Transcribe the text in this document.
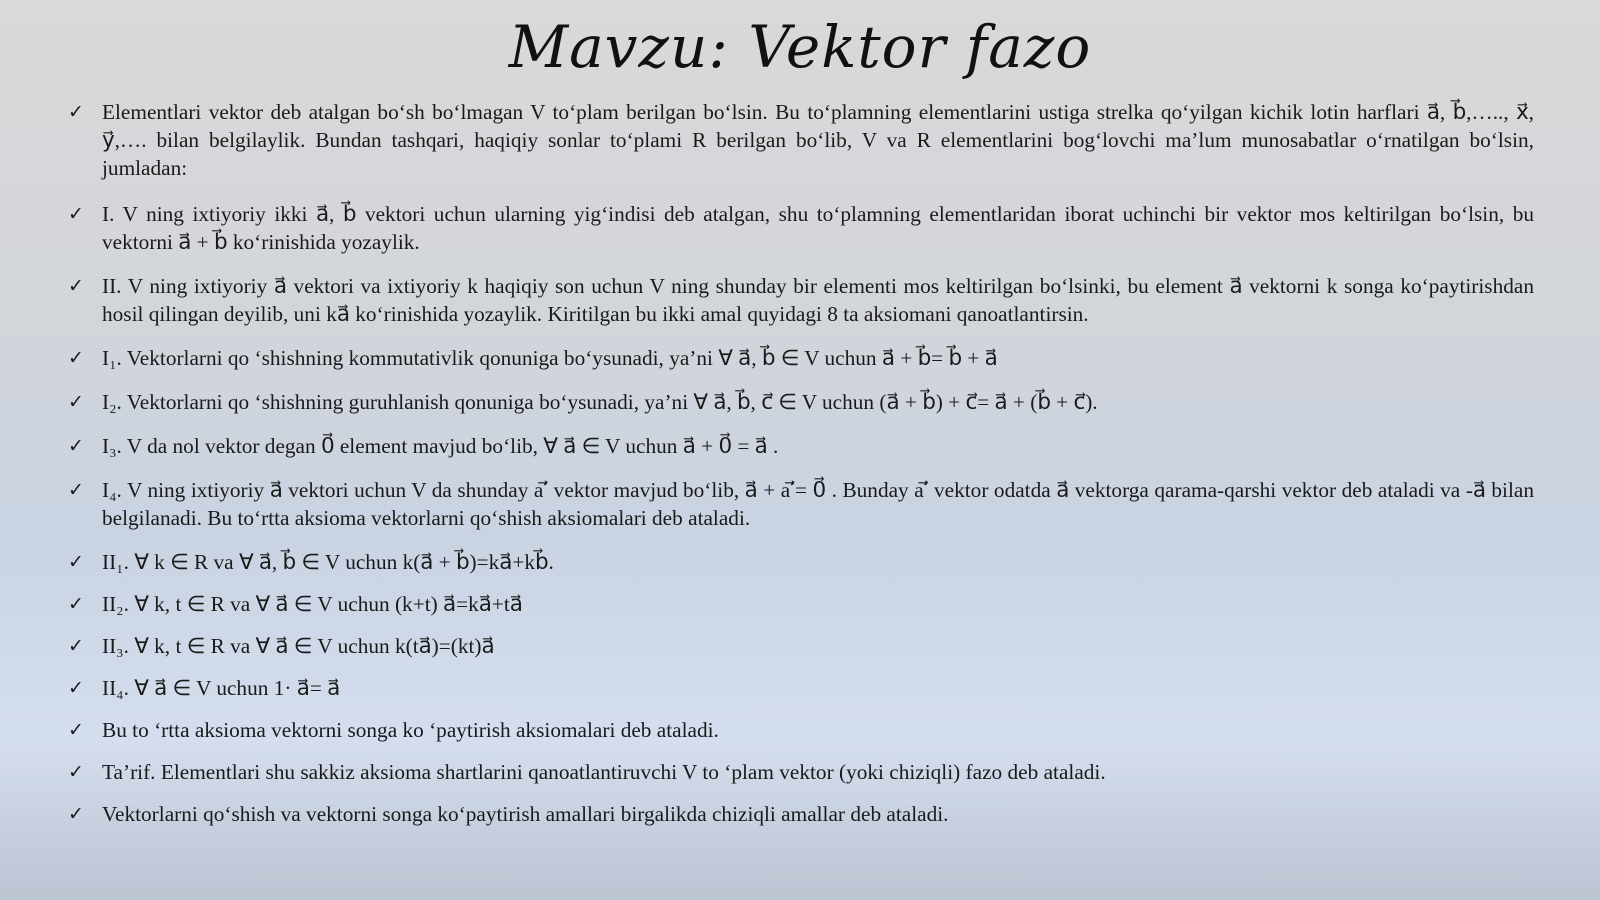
Mavzu: Vektor fazo
✓ Elementlari vektor deb atalgan bo‘sh bo‘lmagan V to‘plam berilgan bo‘lsin. Bu to‘plamning elementlarini ustiga strelka qo‘yilgan kichik lotin harflari a⃗, b⃗,….., x⃗, y⃗,…. bilan belgilaylik. Bundan tashqari, haqiqiy sonlar to‘plami R berilgan bo‘lib, V va R elementlarini bog‘lovchi ma’lum munosabatlar o‘rnatilgan bo‘lsin, jumladan:
✓ I. V ning ixtiyoriy ikki a⃗, b⃗ vektori uchun ularning yig‘indisi deb atalgan, shu to‘plamning elementlaridan iborat uchinchi bir vektor mos keltirilgan bo‘lsin, bu vektorni a⃗ + b⃗ ko‘rinishida yozaylik.
✓ II. V ning ixtiyoriy a⃗ vektori va ixtiyoriy k haqiqiy son uchun V ning shunday bir elementi mos keltirilgan bo‘lsinki, bu element a⃗ vektorni k songa ko‘paytirishdan hosil qilingan deyilib, uni ka⃗ ko‘rinishida yozaylik. Kiritilgan bu ikki amal quyidagi 8 ta aksiomani qanoatlantirsin.
✓ I₁. Vektorlarni qo ‘shishning kommutativlik qonuniga bo‘ysunadi, ya’ni ∀ a⃗, b⃗ ∈ V uchun a⃗ + b⃗= b⃗ + a⃗
✓ I₂. Vektorlarni qo ‘shishning guruhlanish qonuniga bo‘ysunadi, ya’ni ∀ a⃗, b⃗, c⃗ ∈ V uchun (a⃗ + b⃗) + c⃗= a⃗ + (b⃗ + c⃗).
✓ I₃. V da nol vektor degan 0⃗ element mavjud bo‘lib, ∀ a⃗ ∈ V uchun a⃗ + 0⃗ = a⃗ .
✓ I₄. V ning ixtiyoriy a⃗ vektori uchun V da shunday a′⃗ vektor mavjud bo‘lib, a⃗ + a′⃗= 0⃗ . Bunday a′⃗ vektor odatda a⃗ vektorga qarama-qarshi vektor deb ataladi va -a⃗ bilan belgilanadi. Bu to‘rtta aksioma vektorlarni qo‘shish aksiomalari deb ataladi.
✓ II₁. ∀ k ∈ R va ∀ a⃗, b⃗ ∈ V uchun k(a⃗ + b⃗)=ka⃗+kb⃗.
✓ II₂. ∀ k, t ∈ R va ∀ a⃗ ∈ V uchun (k+t) a⃗=ka⃗+ta⃗
✓ II₃. ∀ k, t ∈ R va ∀ a⃗ ∈ V uchun k(ta⃗)=(kt)a⃗
✓ II₄. ∀ a⃗ ∈ V uchun 1· a⃗= a⃗
✓ Bu to ‘rtta aksioma vektorni songa ko ‘paytirish aksiomalari deb ataladi.
✓ Ta’rif. Elementlari shu sakkiz aksioma shartlarini qanoatlantiruvchi V to ‘plam vektor (yoki chiziqli) fazo deb ataladi.
✓ Vektorlarni qo‘shish va vektorni songa ko‘paytirish amallari birgalikda chiziqli amallar deb ataladi.
